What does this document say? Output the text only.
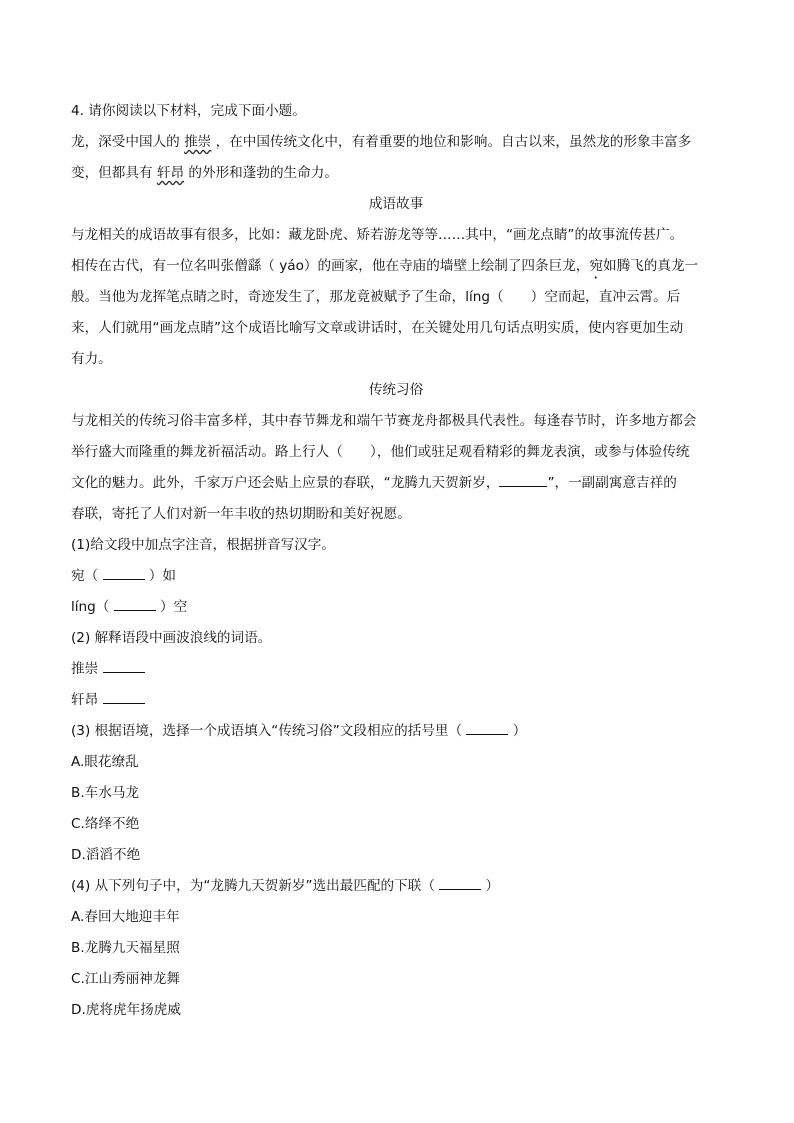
4. 请你阅读以下材料，完成下面小题。
龙，深受中国人的 推崇 ，在中国传统文化中，有着重要的地位和影响。自古以来，虽然龙的形象丰富多
变，但都具有 轩昂 的外形和蓬勃的生命力。
成语故事
与龙相关的成语故事有很多，比如：藏龙卧虎、矫若游龙等等……其中，“画龙点睛”的故事流传甚广。
相传在古代，有一位名叫张僧繇（ yáo）的画家，他在寺庙的墙壁上绘制了四条巨龙，宛如腾飞的真龙一
般。当他为龙挥笔点睛之时，奇迹发生了，那龙竟被赋予了生命，líng（　　）空而起，直冲云霄。后
来，人们就用“画龙点睛”这个成语比喻写文章或讲话时，在关键处用几句话点明实质，使内容更加生动
有力。
传统习俗
与龙相关的传统习俗丰富多样，其中春节舞龙和端午节赛龙舟都极具代表性。每逢春节时，许多地方都会
举行盛大而隆重的舞龙祈福活动。路上行人（　　），他们或驻足观看精彩的舞龙表演，或参与体验传统
文化的魅力。此外，千家万户还会贴上应景的春联，“龙腾九天贺新岁，	”，一副副寓意吉祥的
春联，寄托了人们对新一年丰收的热切期盼和美好祝愿。
(1)给文段中加点字注音，根据拼音写汉字。
宛（	）如
líng（	）空
(2) 解释语段中画波浪线的词语。
推崇
轩昂
(3) 根据语境，选择一个成语填入“传统习俗”文段相应的括号里（	）
A.眼花缭乱
B.车水马龙
C.络绎不绝
D.滔滔不绝
(4) 从下列句子中，为“龙腾九天贺新岁”选出最匹配的下联（	）
A.春回大地迎丰年
B.龙腾九天福星照
C.江山秀丽神龙舞
D.虎将虎年扬虎威
